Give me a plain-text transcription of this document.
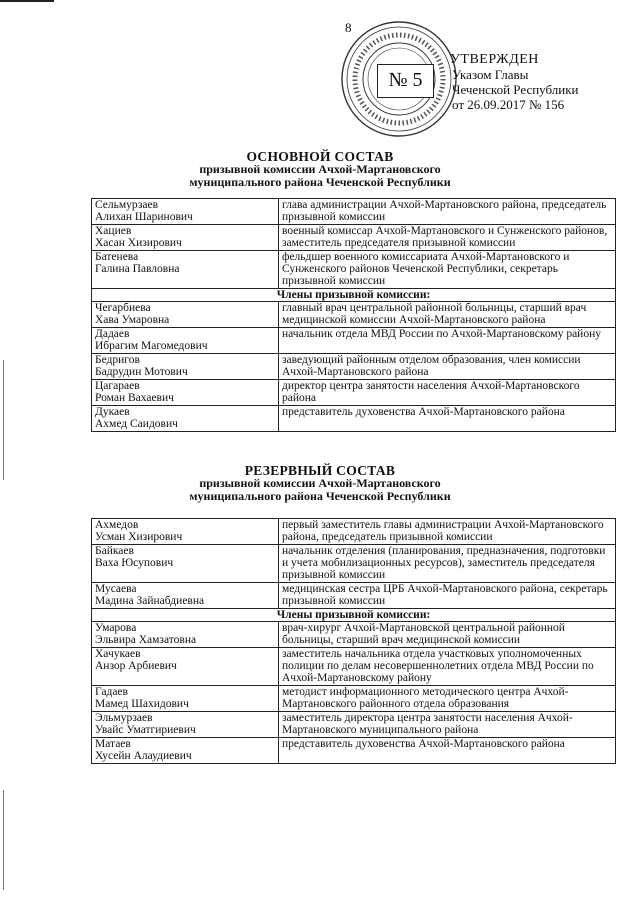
8
№ 5
УТВЕРЖДЕН
Указом Главы
Чеченской Республики
от 26.09.2017 № 156
ОСНОВНОЙ СОСТАВ
призывной комиссии Ачхой-Мартановского
муниципального района Чеченской Республики
Сельмурзаев
Алихан Шаринович	глава администрации Ачхой-Мартановского района, председатель призывной комиссии

Хациев
Хасан Хизирович	военный комиссар Ачхой-Мартановского и Сунженского районов, заместитель председателя призывной комиссии

Батенева
Галина Павловна	фельдшер военного комиссариата Ачхой-Мартановского и Сунженского районов Чеченской Республики, секретарь призывной комиссии
Члены призывной комиссии:	

Чегарбиева
Хава Умаровна	главный врач центральной районной больницы, старший врач медицинской комиссии Ачхой-Мартановского района

Дадаев
Ибрагим Магомедович	начальник отдела МВД России по Ачхой-Мартановскому району

Бедригов
Бадрудин Мотович	заведующий районным отделом образования, член комиссии Ачхой-Мартановского района

Цагараев
Роман Вахаевич	директор центра занятости населения Ачхой-Мартановского района

Дукаев
Ахмед Саидович	представитель духовенства Ачхой-Мартановского района
РЕЗЕРВНЫЙ СОСТАВ
призывной комиссии Ачхой-Мартановского
муниципального района Чеченской Республики
Ахмедов
Усман Хизирович	первый заместитель главы администрации Ачхой-Мартановского района, председатель призывной комиссии

Байкаев
Ваха Юсупович	начальник отделения (планирования, предназначения, подготовки и учета мобилизационных ресурсов), заместитель председателя призывной комиссии

Мусаева
Мадина Зайнабдиевна	медицинская сестра ЦРБ Ачхой-Мартановского района, секретарь призывной комиссии
Члены призывной комиссии:	

Умарова
Эльвира Хамзатовна	врач-хирург Ачхой-Мартановской центральной районной больницы, старший врач медицинской комиссии

Хачукаев
Анзор Арбиевич	заместитель начальника отдела участковых уполномоченных полиции по делам несовершеннолетних отдела МВД России по Ачхой-Мартановскому району

Гадаев
Мамед Шахидович	методист информационного методического центра Ачхой-Мартановского районного отдела образования

Эльмурзаев
Увайс Уматгириевич	заместитель директора центра занятости населения Ачхой-Мартановского муниципального района

Матаев
Хусейн Алаудиевич	представитель духовенства Ачхой-Мартановского района
